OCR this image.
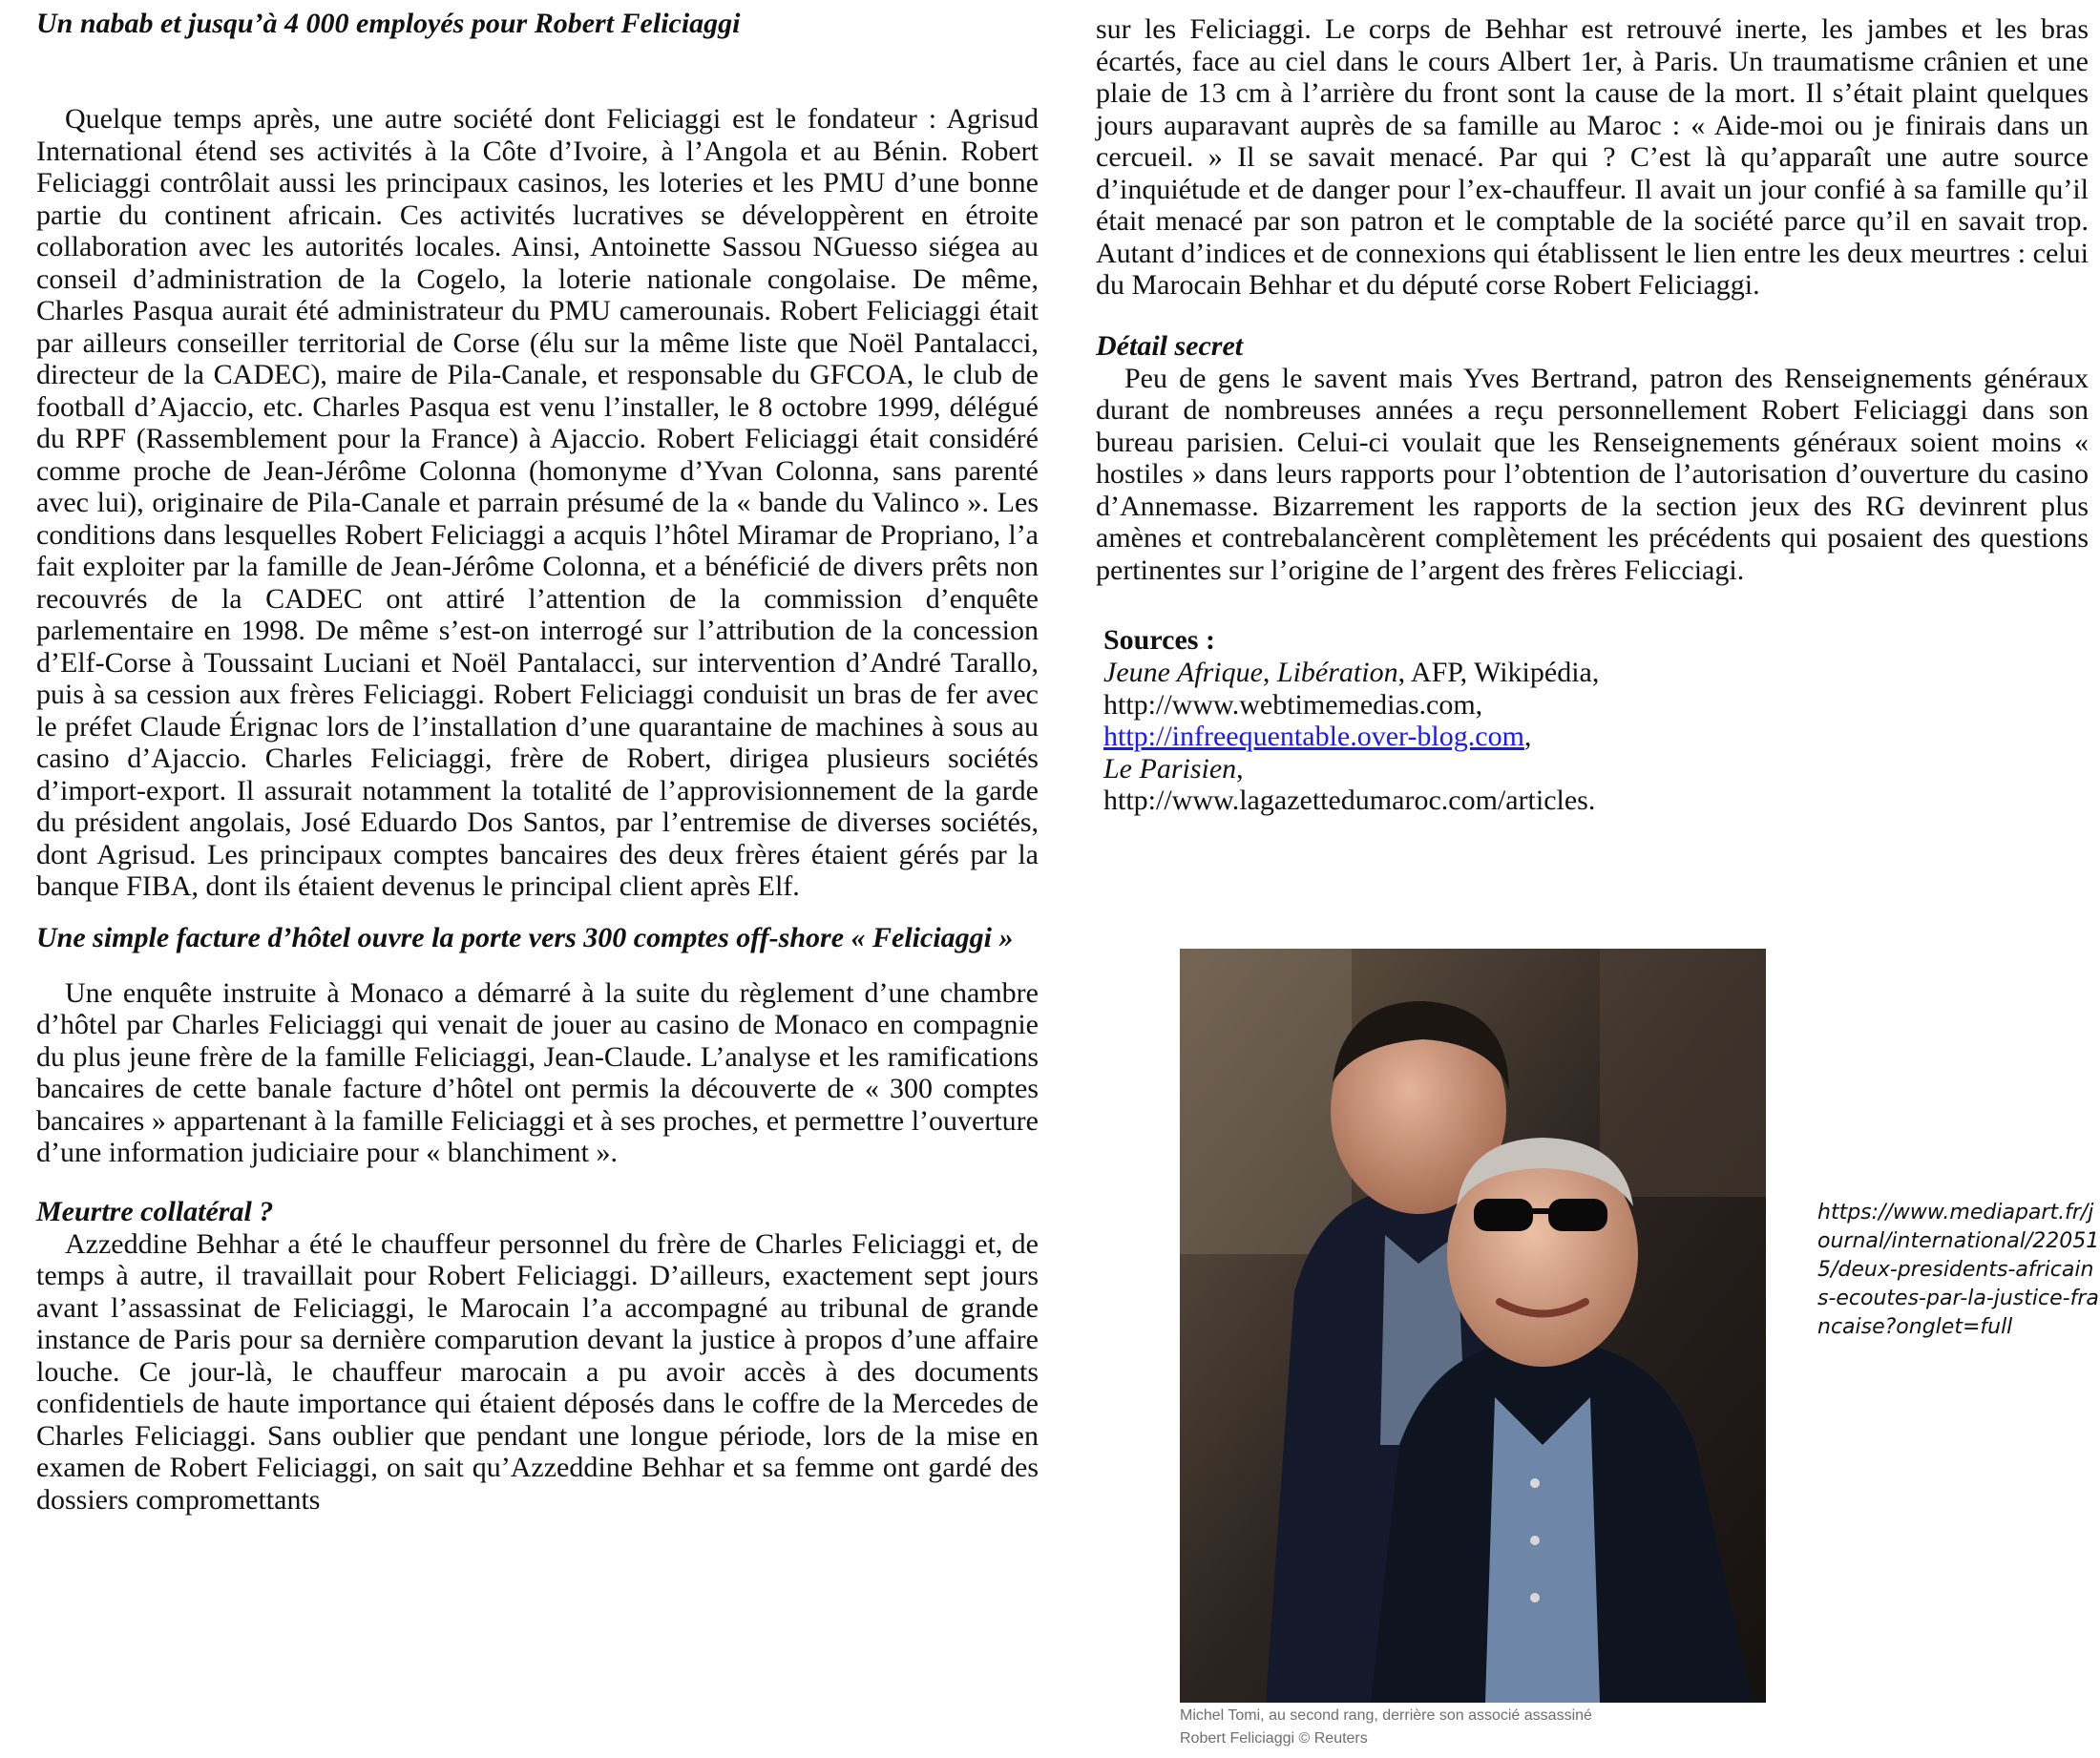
Un nabab et jusqu’à 4 000 employés pour Robert Feliciaggi

Quelque temps après, une autre société dont Feliciaggi est le fondateur : Agrisud International étend ses activités à la Côte d’Ivoire, à l’Angola et au Bénin. Robert Feliciaggi contrôlait aussi les principaux casinos, les loteries et les PMU d’une bonne partie du continent africain. Ces activités lucratives se développèrent en étroite collaboration avec les autorités locales. Ainsi, Antoinette Sassou NGuesso siégea au conseil d’administration de la Cogelo, la loterie nationale congolaise. De même, Charles Pasqua aurait été administrateur du PMU camerounais. Robert Feliciaggi était par ailleurs conseiller territorial de Corse (élu sur la même liste que Noël Pantalacci, directeur de la CADEC), maire de Pila-Canale, et responsable du GFCOA, le club de football d’Ajaccio, etc. Charles Pasqua est venu l’installer, le 8 octobre 1999, délégué du RPF (Rassemblement pour la France) à Ajaccio. Robert Feliciaggi était considéré comme proche de Jean-Jérôme Colonna (homonyme d’Yvan Colonna, sans parenté avec lui), originaire de Pila-Canale et parrain présumé de la « bande du Valinco ». Les conditions dans lesquelles Robert Feliciaggi a acquis l’hôtel Miramar de Propriano, l’a fait exploiter par la famille de Jean-Jérôme Colonna, et a bénéficié de divers prêts non recouvrés de la CADEC ont attiré l’attention de la commission d’enquête parlementaire en 1998. De même s’est-on interrogé sur l’attribution de la concession d’Elf-Corse à Toussaint Luciani et Noël Pantalacci, sur intervention d’André Tarallo, puis à sa cession aux frères Feliciaggi. Robert Feliciaggi conduisit un bras de fer avec le préfet Claude Érignac lors de l’installation d’une quarantaine de machines à sous au casino d’Ajaccio. Charles Feliciaggi, frère de Robert, dirigea plusieurs sociétés d’import-export. Il assurait notamment la totalité de l’approvisionnement de la garde du président angolais, José Eduardo Dos Santos, par l’entremise de diverses sociétés, dont Agrisud. Les principaux comptes bancaires des deux frères étaient gérés par la banque FIBA, dont ils étaient devenus le principal client après Elf.

Une simple facture d’hôtel ouvre la porte vers 300 comptes off-shore « Feliciaggi »

Une enquête instruite à Monaco a démarré à la suite du règlement d’une chambre d’hôtel par Charles Feliciaggi qui venait de jouer au casino de Monaco en compagnie du plus jeune frère de la famille Feliciaggi, Jean-Claude. L’analyse et les ramifications bancaires de cette banale facture d’hôtel ont permis la découverte de « 300 comptes bancaires » appartenant à la famille Feliciaggi et à ses proches, et permettre l’ouverture d’une information judiciaire pour « blanchiment ».

Meurtre collatéral ?

Azzeddine Behhar a été le chauffeur personnel du frère de Charles Feliciaggi et, de temps à autre, il travaillait pour Robert Feliciaggi. D’ailleurs, exactement sept jours avant l’assassinat de Feliciaggi, le Marocain l’a accompagné au tribunal de grande instance de Paris pour sa dernière comparution devant la justice à propos d’une affaire louche. Ce jour-là, le chauffeur marocain a pu avoir accès à des documents confidentiels de haute importance qui étaient déposés dans le coffre de la Mercedes de Charles Feliciaggi. Sans oublier que pendant une longue période, lors de la mise en examen de Robert Feliciaggi, on sait qu’Azzeddine Behhar et sa femme ont gardé des dossiers compromettants

sur les Feliciaggi. Le corps de Behhar est retrouvé inerte, les jambes et les bras écartés, face au ciel dans le cours Albert 1er, à Paris. Un traumatisme crânien et une plaie de 13 cm à l’arrière du front sont la cause de la mort. Il s’était plaint quelques jours auparavant auprès de sa famille au Maroc : « Aide-moi ou je finirais dans un cercueil. » Il se savait menacé. Par qui ? C’est là qu’apparaît une autre source d’inquiétude et de danger pour l’ex-chauffeur. Il avait un jour confié à sa famille qu’il était menacé par son patron et le comptable de la société parce qu’il en savait trop. Autant d’indices et de connexions qui établissent le lien entre les deux meurtres : celui du Marocain Behhar et du député corse Robert Feliciaggi.

Détail secret

Peu de gens le savent mais Yves Bertrand, patron des Renseignements généraux durant de nombreuses années a reçu personnellement Robert Feliciaggi dans son bureau parisien. Celui-ci voulait que les Renseignements généraux soient moins « hostiles » dans leurs rapports pour l’obtention de l’autorisation d’ouverture du casino d’Annemasse. Bizarrement les rapports de la section jeux des RG devinrent plus amènes et contrebalancèrent complètement les précédents qui posaient des questions pertinentes sur l’origine de l’argent des frères Felicciagi.

Sources :
Jeune Afrique, Libération, AFP, Wikipédia,
http://www.webtimemedias.com,
http://infreequentable.over-blog.com,
Le Parisien,
http://www.lagazettedumaroc.com/articles.
Michel Tomi, au second rang, derrière son associé assassiné
Robert Feliciaggi © Reuters
https://www.mediapart.fr/journal/international/220515/deux-presidents-africains-ecoutes-par-la-justice-francaise?onglet=full
